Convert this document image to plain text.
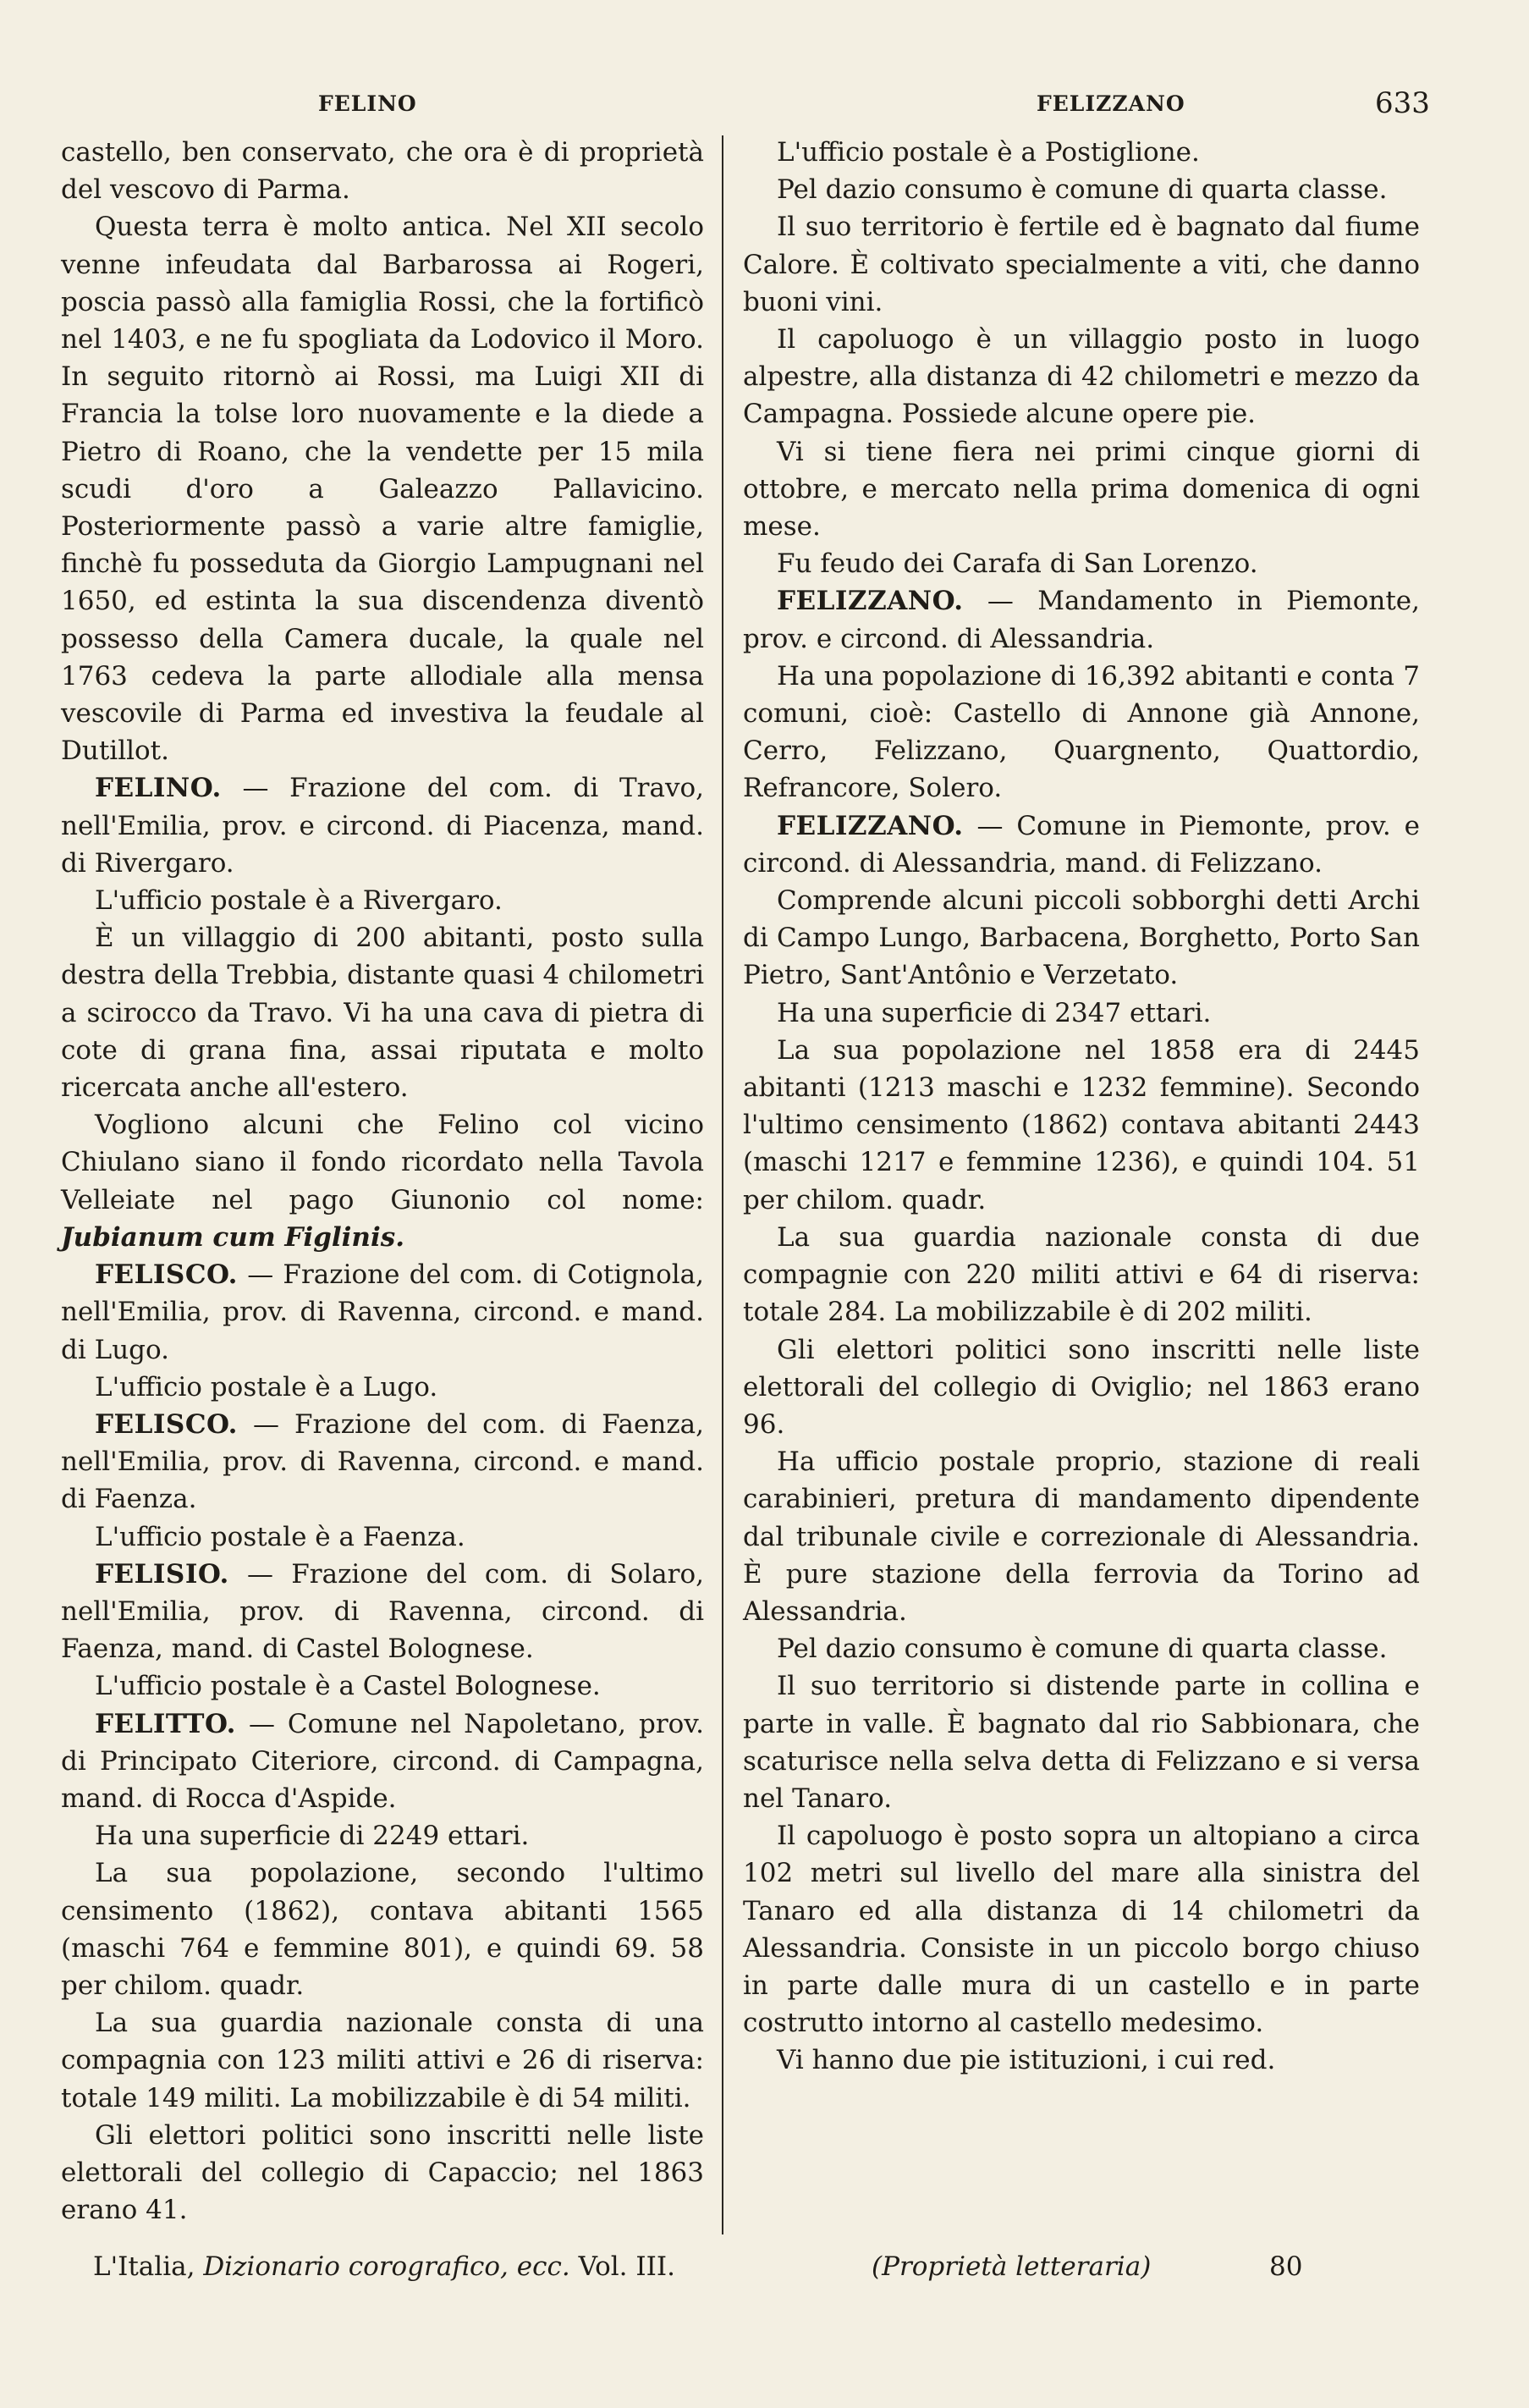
FELINO	FELIZZANO	633

castello, ben conservato, che ora è di proprietà del vescovo di Parma.

Questa terra è molto antica. Nel XII secolo venne infeudata dal Barbarossa ai Rogeri, poscia passò alla famiglia Rossi, che la fortificò nel 1403, e ne fu spogliata da Lodovico il Moro. In seguito ritornò ai Rossi, ma Luigi XII di Francia la tolse loro nuovamente e la diede a Pietro di Roano, che la vendette per 15 mila scudi d'oro a Galeazzo Pallavicino. Posteriormente passò a varie altre famiglie, finchè fu posseduta da Giorgio Lampugnani nel 1650, ed estinta la sua discendenza diventò possesso della Camera ducale, la quale nel 1763 cedeva la parte allodiale alla mensa vescovile di Parma ed investiva la feudale al Dutillot.

FELINO. — Frazione del com. di Travo, nell'Emilia, prov. e circond. di Piacenza, mand. di Rivergaro.

L'ufficio postale è a Rivergaro.

È un villaggio di 200 abitanti, posto sulla destra della Trebbia, distante quasi 4 chilometri a scirocco da Travo. Vi ha una cava di pietra di cote di grana fina, assai riputata e molto ricercata anche all'estero.

Vogliono alcuni che Felino col vicino Chiulano siano il fondo ricordato nella Tavola Velleiate nel pago Giunonio col nome: Jubianum cum Figlinis.

FELISCO. — Frazione del com. di Cotignola, nell'Emilia, prov. di Ravenna, circond. e mand. di Lugo.

L'ufficio postale è a Lugo.

FELISCO. — Frazione del com. di Faenza, nell'Emilia, prov. di Ravenna, circond. e mand. di Faenza.

L'ufficio postale è a Faenza.

FELISIO. — Frazione del com. di Solaro, nell'Emilia, prov. di Ravenna, circond. di Faenza, mand. di Castel Bolognese.

L'ufficio postale è a Castel Bolognese.

FELITTO. — Comune nel Napoletano, prov. di Principato Citeriore, circond. di Campagna, mand. di Rocca d'Aspide.

Ha una superficie di 2249 ettari.

La sua popolazione, secondo l'ultimo censimento (1862), contava abitanti 1565 (maschi 764 e femmine 801), e quindi 69. 58 per chilom. quadr.

La sua guardia nazionale consta di una compagnia con 123 militi attivi e 26 di riserva: totale 149 militi. La mobilizzabile è di 54 militi.

Gli elettori politici sono inscritti nelle liste elettorali del collegio di Capaccio; nel 1863 erano 41.

L'ufficio postale è a Postiglione.

Pel dazio consumo è comune di quarta classe.

Il suo territorio è fertile ed è bagnato dal fiume Calore. È coltivato specialmente a viti, che danno buoni vini.

Il capoluogo è un villaggio posto in luogo alpestre, alla distanza di 42 chilometri e mezzo da Campagna. Possiede alcune opere pie.

Vi si tiene fiera nei primi cinque giorni di ottobre, e mercato nella prima domenica di ogni mese.

Fu feudo dei Carafa di San Lorenzo.

FELIZZANO. — Mandamento in Piemonte, prov. e circond. di Alessandria.

Ha una popolazione di 16,392 abitanti e conta 7 comuni, cioè: Castello di Annone già Annone, Cerro, Felizzano, Quargnento, Quattordio, Refrancore, Solero.

FELIZZANO. — Comune in Piemonte, prov. e circond. di Alessandria, mand. di Felizzano.

Comprende alcuni piccoli sobborghi detti Archi di Campo Lungo, Barbacena, Borghetto, Porto San Pietro, Sant'Antônio e Verzetato.

Ha una superficie di 2347 ettari.

La sua popolazione nel 1858 era di 2445 abitanti (1213 maschi e 1232 femmine). Secondo l'ultimo censimento (1862) contava abitanti 2443 (maschi 1217 e femmine 1236), e quindi 104. 51 per chilom. quadr.

La sua guardia nazionale consta di due compagnie con 220 militi attivi e 64 di riserva: totale 284. La mobilizzabile è di 202 militi.

Gli elettori politici sono inscritti nelle liste elettorali del collegio di Oviglio; nel 1863 erano 96.

Ha ufficio postale proprio, stazione di reali carabinieri, pretura di mandamento dipendente dal tribunale civile e correzionale di Alessandria. È pure stazione della ferrovia da Torino ad Alessandria.

Pel dazio consumo è comune di quarta classe.

Il suo territorio si distende parte in collina e parte in valle. È bagnato dal rio Sabbionara, che scaturisce nella selva detta di Felizzano e si versa nel Tanaro.

Il capoluogo è posto sopra un altopiano a circa 102 metri sul livello del mare alla sinistra del Tanaro ed alla distanza di 14 chilometri da Alessandria. Consiste in un piccolo borgo chiuso in parte dalle mura di un castello e in parte costrutto intorno al castello medesimo.

Vi hanno due pie istituzioni, i cui red.

L'Italia, Dizionario corografico, ecc. Vol. III.	(Proprietà letteraria)	80
